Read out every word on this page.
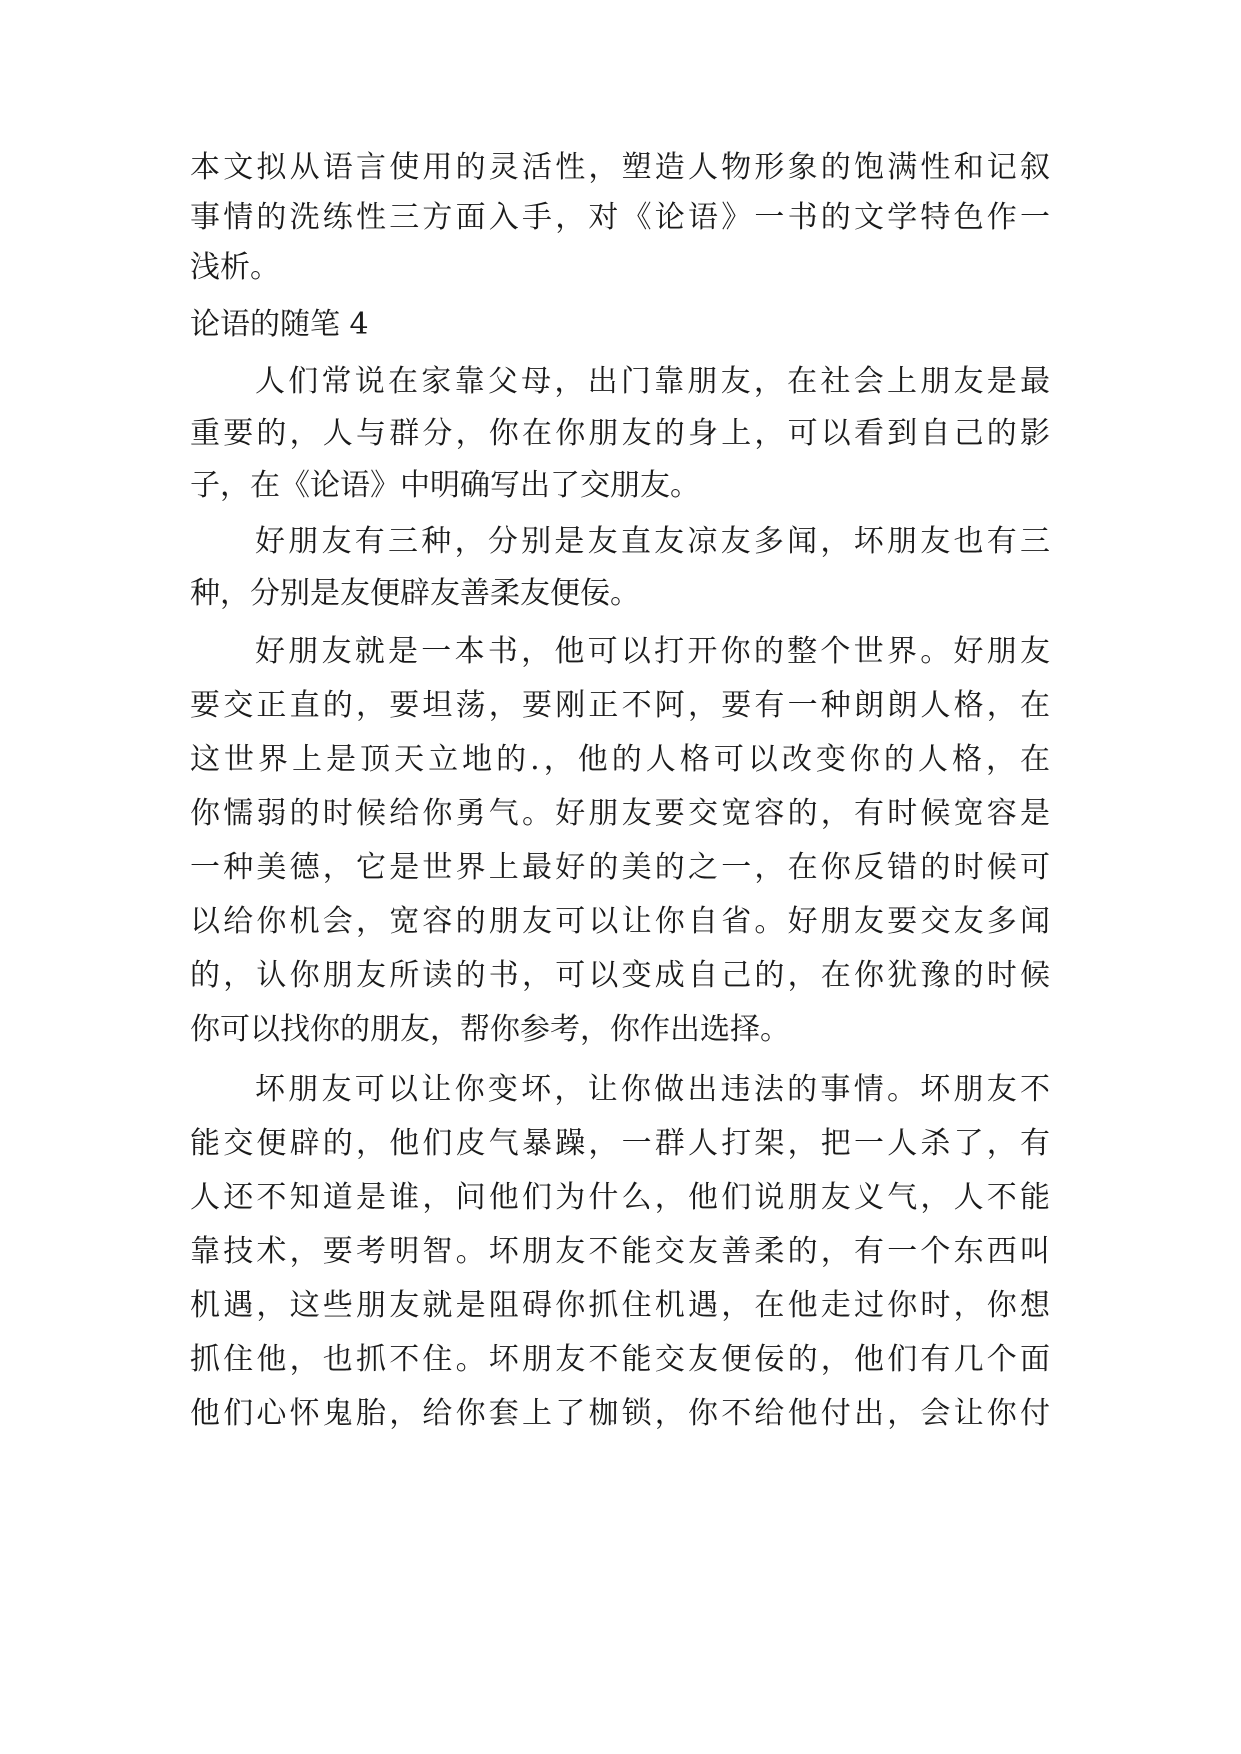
本文拟从语言使用的灵活性，塑造人物形象的饱满性和记叙
事情的洗练性三方面入手，对《论语》一书的文学特色作一
浅析。
论语的随笔 4
人们常说在家靠父母，出门靠朋友，在社会上朋友是最
重要的，人与群分，你在你朋友的身上，可以看到自己的影
子，在《论语》中明确写出了交朋友。
好朋友有三种，分别是友直友凉友多闻，坏朋友也有三
种，分别是友便辟友善柔友便佞。
好朋友就是一本书，他可以打开你的整个世界。好朋友
要交正直的，要坦荡，要刚正不阿，要有一种朗朗人格，在
这世界上是顶天立地的.，他的人格可以改变你的人格，在
你懦弱的时候给你勇气。好朋友要交宽容的，有时候宽容是
一种美德，它是世界上最好的美的之一，在你反错的时候可
以给你机会，宽容的朋友可以让你自省。好朋友要交友多闻
的，认你朋友所读的书，可以变成自己的，在你犹豫的时候
你可以找你的朋友，帮你参考，你作出选择。
坏朋友可以让你变坏，让你做出违法的事情。坏朋友不
能交便辟的，他们皮气暴躁，一群人打架，把一人杀了，有
人还不知道是谁，问他们为什么，他们说朋友义气，人不能
靠技术，要考明智。坏朋友不能交友善柔的，有一个东西叫
机遇，这些朋友就是阻碍你抓住机遇，在他走过你时，你想
抓住他，也抓不住。坏朋友不能交友便佞的，他们有几个面
他们心怀鬼胎，给你套上了枷锁，你不给他付出，会让你付
